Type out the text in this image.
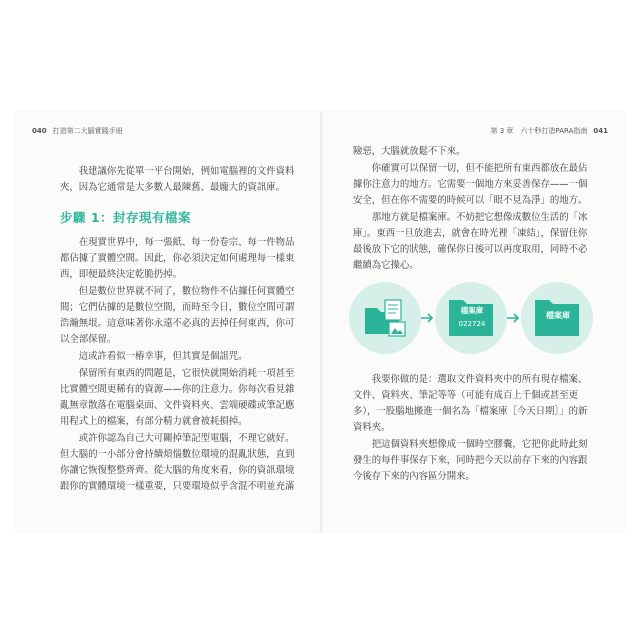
040 打造第二大腦實踐手冊	第 3 章　六十秒打造PARA指南 041

我建議你先從單一平台開始，例如電腦裡的文件資料夾，因為它通常是大多數人最陳舊、最龐大的資訊庫。

步驟 1：封存現有檔案

在現實世界中，每一張紙、每一份卷宗、每一件物品都佔據了實體空間。因此，你必須決定如何處理每一樣東西，即便最終決定乾脆扔掉。

但是數位世界就不同了，數位物件不佔據任何實體空間；它們佔據的是數位空間，而時至今日，數位空間可謂浩瀚無垠。這意味著你永遠不必真的丟掉任何東西，你可以全部保留。

這或許看似一樁幸事，但其實是個詛咒。

保留所有東西的問題是，它很快就開始消耗一項甚至比實體空間更稀有的資源——你的注意力。你每次看見雜亂無章散落在電腦桌面、文件資料夾、雲端硬碟或筆記應用程式上的檔案，有部分精力就會被耗損掉。

或許你認為自己大可關掉筆記型電腦，不理它就好。但大腦的一小部分會持續煩惱數位環境的混亂狀態，直到你讓它恢復整整齊齊。從大腦的角度來看，你的資訊環境跟你的實體環境一樣重要，只要環境似乎含混不明並充滿

險惡，大腦就放鬆不下來。

你確實可以保留一切，但不能把所有東西都放在最佔據你注意力的地方。它需要一個地方來妥善保存——一個安全，但在你不需要的時候可以「眼不見為淨」的地方。

那地方就是檔案庫。不妨把它想像成數位生活的「冰庫」。東西一旦放進去，就會在時光裡「凍結」，保留住你最後放下它的狀態，確保你日後可以再度取用，同時不必繼續為它操心。

檔案庫
022724
檔案庫

我要你做的是：選取文件資料夾中的所有現存檔案、文件、資料夾、筆記等等（可能有成百上千個或甚至更多），一股腦地搬進一個名為「檔案庫［今天日期］」的新資料夾。

把這個資料夾想像成一個時空膠囊，它把你此時此刻發生的每件事保存下來，同時把今天以前存下來的內容跟今後存下來的內容區分開來。
